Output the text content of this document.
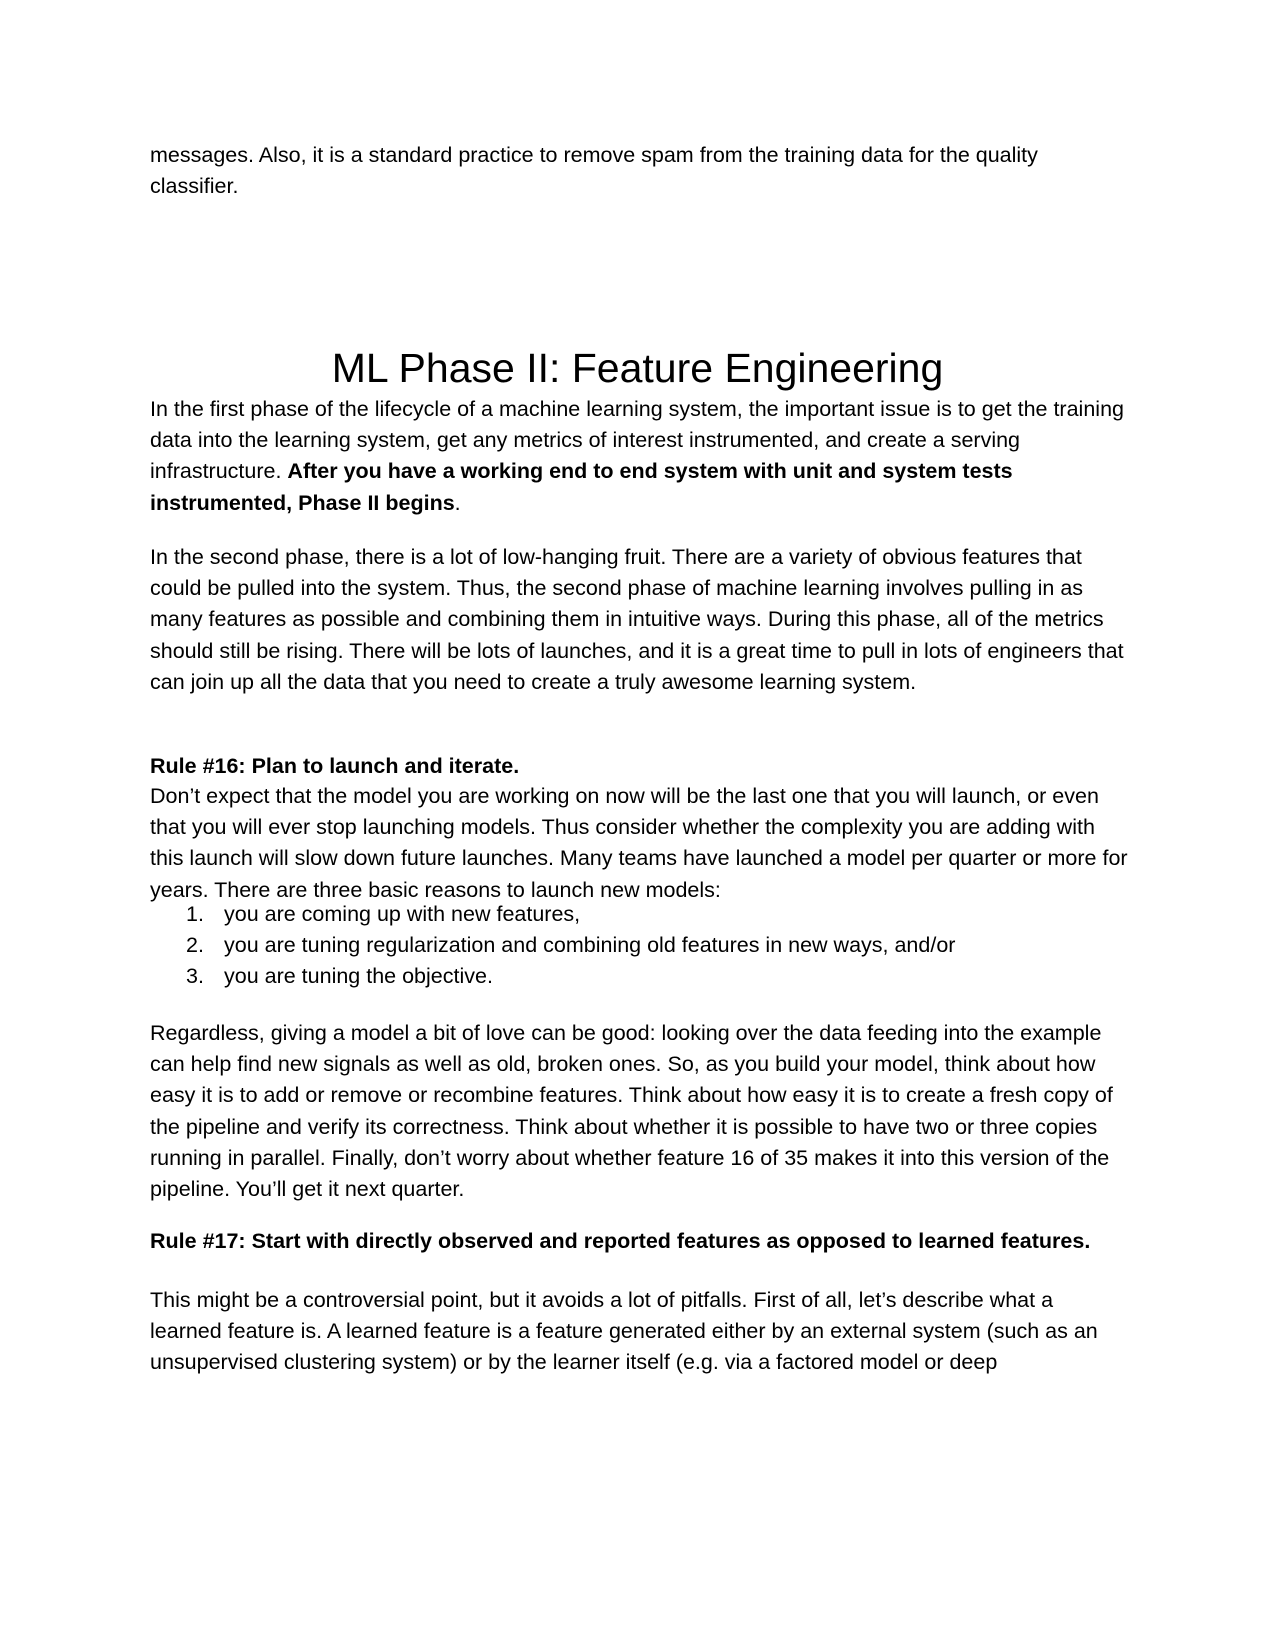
messages. Also, it is a standard practice to remove spam from the training data for the quality classifier.

ML Phase II: Feature Engineering

In the first phase of the lifecycle of a machine learning system, the important issue is to get the training data into the learning system, get any metrics of interest instrumented, and create a serving infrastructure. After you have a working end to end system with unit and system tests instrumented, Phase II begins.

In the second phase, there is a lot of low-hanging fruit. There are a variety of obvious features that could be pulled into the system. Thus, the second phase of machine learning involves pulling in as many features as possible and combining them in intuitive ways. During this phase, all of the metrics should still be rising. There will be lots of launches, and it is a great time to pull in lots of engineers that can join up all the data that you need to create a truly awesome learning system.

Rule #16: Plan to launch and iterate.

Don’t expect that the model you are working on now will be the last one that you will launch, or even that you will ever stop launching models. Thus consider whether the complexity you are adding with this launch will slow down future launches. Many teams have launched a model per quarter or more for years. There are three basic reasons to launch new models:

1. you are coming up with new features,
2. you are tuning regularization and combining old features in new ways, and/or
3. you are tuning the objective.

Regardless, giving a model a bit of love can be good: looking over the data feeding into the example can help find new signals as well as old, broken ones. So, as you build your model, think about how easy it is to add or remove or recombine features. Think about how easy it is to create a fresh copy of the pipeline and verify its correctness. Think about whether it is possible to have two or three copies running in parallel. Finally, don’t worry about whether feature 16 of 35 makes it into this version of the pipeline. You’ll get it next quarter.

Rule #17: Start with directly observed and reported features as opposed to learned features.

This might be a controversial point, but it avoids a lot of pitfalls. First of all, let’s describe what a learned feature is. A learned feature is a feature generated either by an external system (such as an unsupervised clustering system) or by the learner itself (e.g. via a factored model or deep
